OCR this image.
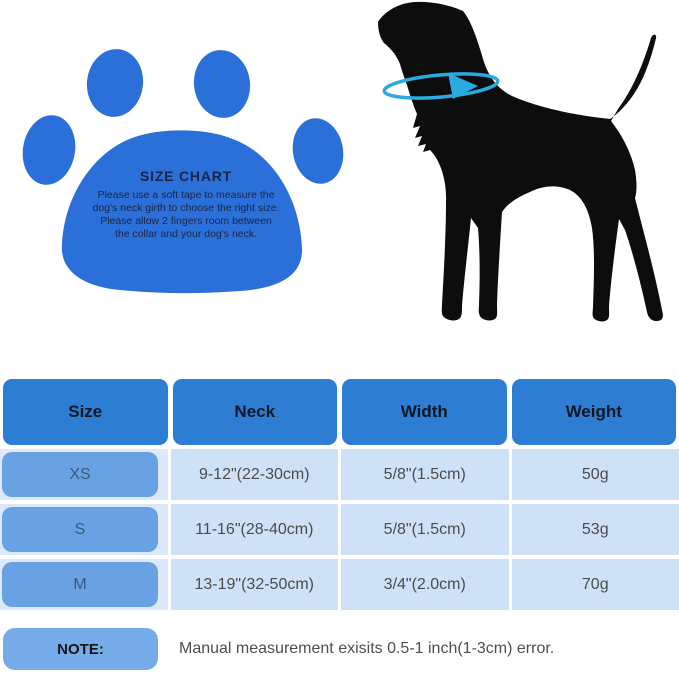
SIZE CHART
Please use a soft tape to measure the
dog's neck girth to choose the right size.
Please allow 2 fingers room between
the collar and your dog's neck.
Size	Neck	Width	Weight
XS	9-12"(22-30cm)	5/8"(1.5cm)	50g
S	11-16"(28-40cm)	5/8"(1.5cm)	53g
M	13-19"(32-50cm)	3/4"(2.0cm)	70g
NOTE:	Manual measurement exisits 0.5-1 inch(1-3cm) error.
